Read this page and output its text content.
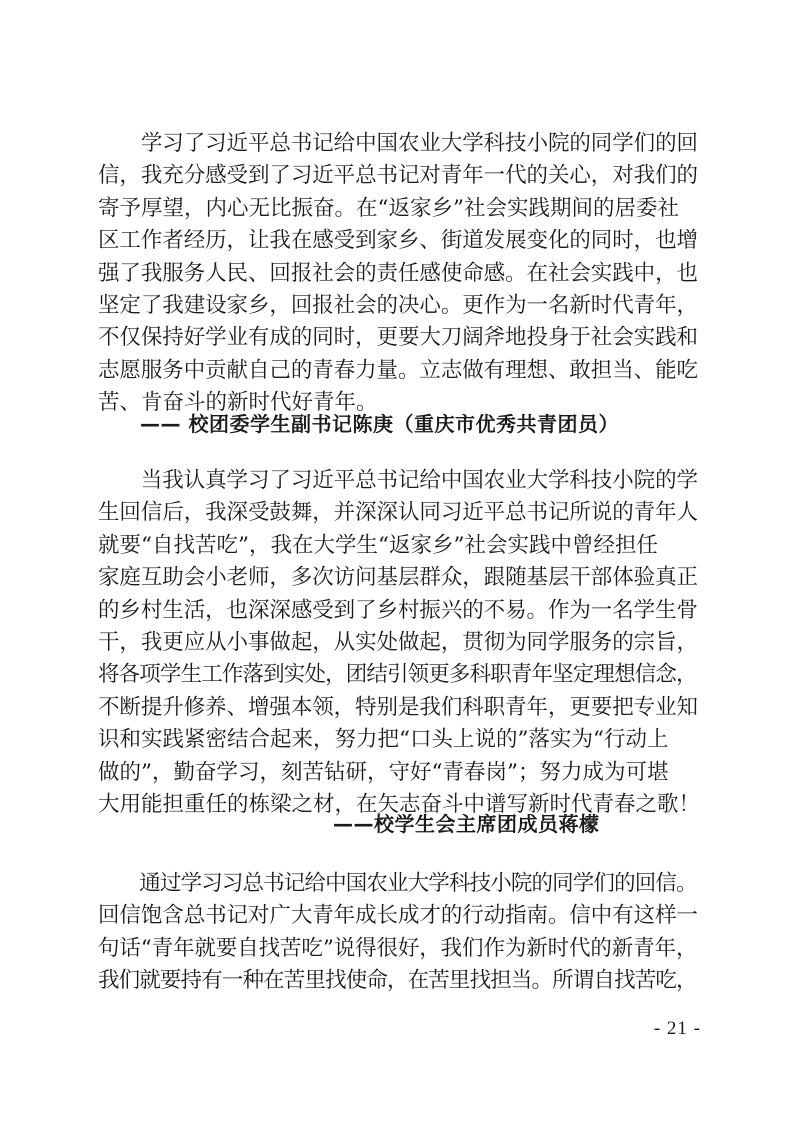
　　学习了习近平总书记给中国农业大学科技小院的同学们的回
信，我充分感受到了习近平总书记对青年一代的关心，对我们的
寄予厚望，内心无比振奋。在“返家乡”社会实践期间的居委社
区工作者经历，让我在感受到家乡、街道发展变化的同时，也增
强了我服务人民、回报社会的责任感使命感。在社会实践中，也
坚定了我建设家乡，回报社会的决心。更作为一名新时代青年，
不仅保持好学业有成的同时，更要大刀阔斧地投身于社会实践和
志愿服务中贡献自己的青春力量。立志做有理想、敢担当、能吃
苦、肯奋斗的新时代好青年。

—— 校团委学生副书记陈庚（重庆市优秀共青团员）

　　当我认真学习了习近平总书记给中国农业大学科技小院的学
生回信后，我深受鼓舞，并深深认同习近平总书记所说的青年人
就要“自找苦吃”，我在大学生“返家乡”社会实践中曾经担任
家庭互助会小老师，多次访问基层群众，跟随基层干部体验真正
的乡村生活，也深深感受到了乡村振兴的不易。作为一名学生骨
干，我更应从小事做起，从实处做起，贯彻为同学服务的宗旨，
将各项学生工作落到实处，团结引领更多科职青年坚定理想信念，
不断提升修养、增强本领，特别是我们科职青年，更要把专业知
识和实践紧密结合起来，努力把“口头上说的”落实为“行动上
做的”，勤奋学习，刻苦钻研，守好“青春岗”；努力成为可堪
大用能担重任的栋梁之材，在矢志奋斗中谱写新时代青春之歌！

——校学生会主席团成员蒋檬

　　通过学习习总书记给中国农业大学科技小院的同学们的回信。
回信饱含总书记对广大青年成长成才的行动指南。信中有这样一
句话“青年就要自找苦吃”说得很好，我们作为新时代的新青年，
我们就要持有一种在苦里找使命，在苦里找担当。所谓自找苦吃，
- 21 -
